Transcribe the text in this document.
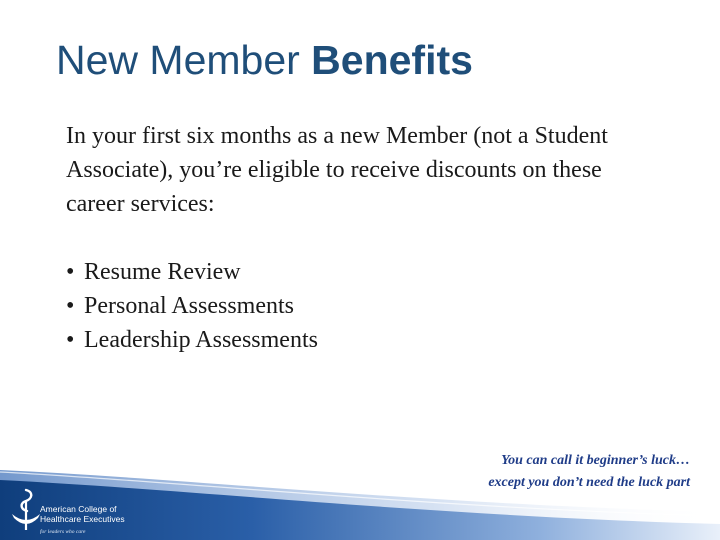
New Member Benefits

In your first six months as a new Member (not a Student Associate), you’re eligible to receive discounts on these career services:

• Resume Review
• Personal Assessments
• Leadership Assessments
You can call it beginner’s luck…
except you don’t need the luck part
American College of
Healthcare Executives
for leaders who care
